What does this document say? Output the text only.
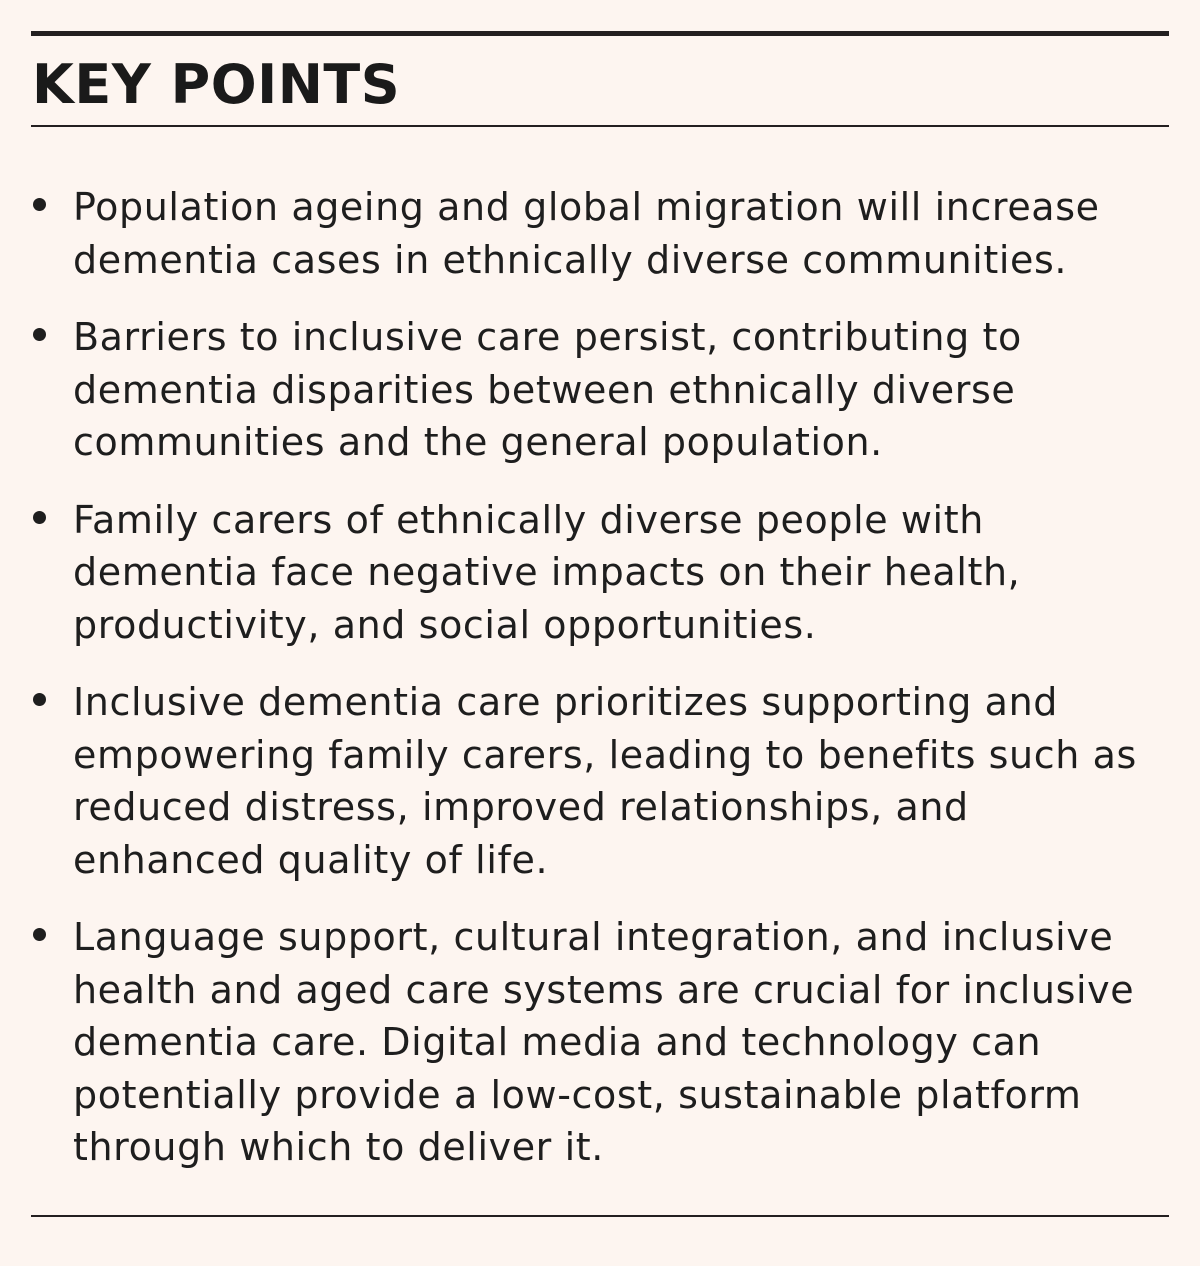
KEY POINTS
Population ageing and global migration will increase dementia cases in ethnically diverse communities.
Barriers to inclusive care persist, contributing to dementia disparities between ethnically diverse communities and the general population.
Family carers of ethnically diverse people with dementia face negative impacts on their health, productivity, and social opportunities.
Inclusive dementia care prioritizes supporting and empowering family carers, leading to benefits such as reduced distress, improved relationships, and enhanced quality of life.
Language support, cultural integration, and inclusive health and aged care systems are crucial for inclusive dementia care. Digital media and technology can potentially provide a low-cost, sustainable platform through which to deliver it.
